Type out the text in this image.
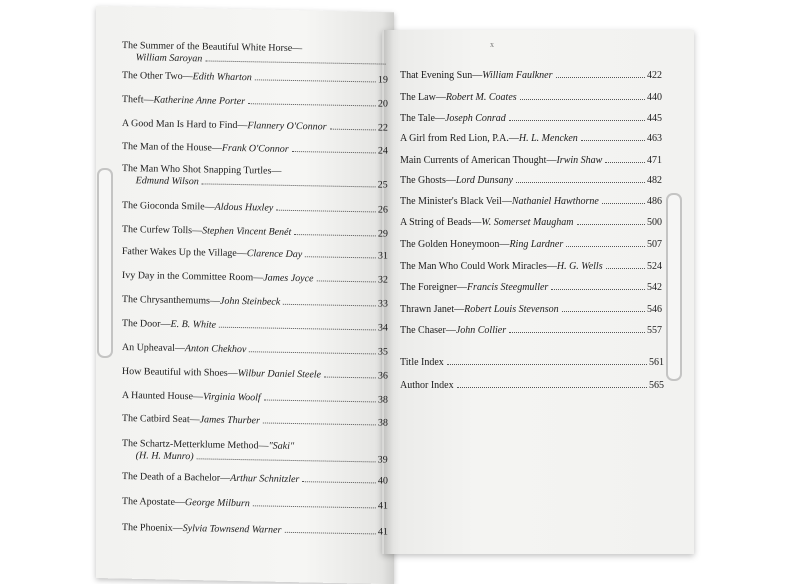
x
The Summer of the Beautiful White Horse—
William Saroyan
The Other Two— Edith Wharton	19
Theft— Katherine Anne Porter	20
A Good Man Is Hard to Find— Flannery O'Connor	22
The Man of the House— Frank O'Connor	24
The Man Who Shot Snapping Turtles—
Edmund Wilson	25
The Gioconda Smile— Aldous Huxley	26
The Curfew Tolls— Stephen Vincent Benét	29
Father Wakes Up the Village— Clarence Day	31
Ivy Day in the Committee Room— James Joyce	32
The Chrysanthemums— John Steinbeck	33
The Door— E. B. White	34
An Upheaval— Anton Chekhov	35
How Beautiful with Shoes— Wilbur Daniel Steele	36
A Haunted House— Virginia Woolf	38
The Catbird Seat— James Thurber	38
The Schartz-Metterklume Method— "Saki"
(H. H. Munro)	39
The Death of a Bachelor— Arthur Schnitzler	40
The Apostate— George Milburn	41
The Phoenix— Sylvia Townsend Warner	41
That Evening Sun— William Faulkner	422
The Law— Robert M. Coates	440
The Tale— Joseph Conrad	445
A Girl from Red Lion, P.A.— H. L. Mencken	463
Main Currents of American Thought— Irwin Shaw	471
The Ghosts— Lord Dunsany	482
The Minister's Black Veil— Nathaniel Hawthorne	486
A String of Beads— W. Somerset Maugham	500
The Golden Honeymoon— Ring Lardner	507
The Man Who Could Work Miracles— H. G. Wells	524
The Foreigner— Francis Steegmuller	542
Thrawn Janet— Robert Louis Stevenson	546
The Chaser— John Collier	557
Title Index	561
Author Index	565
